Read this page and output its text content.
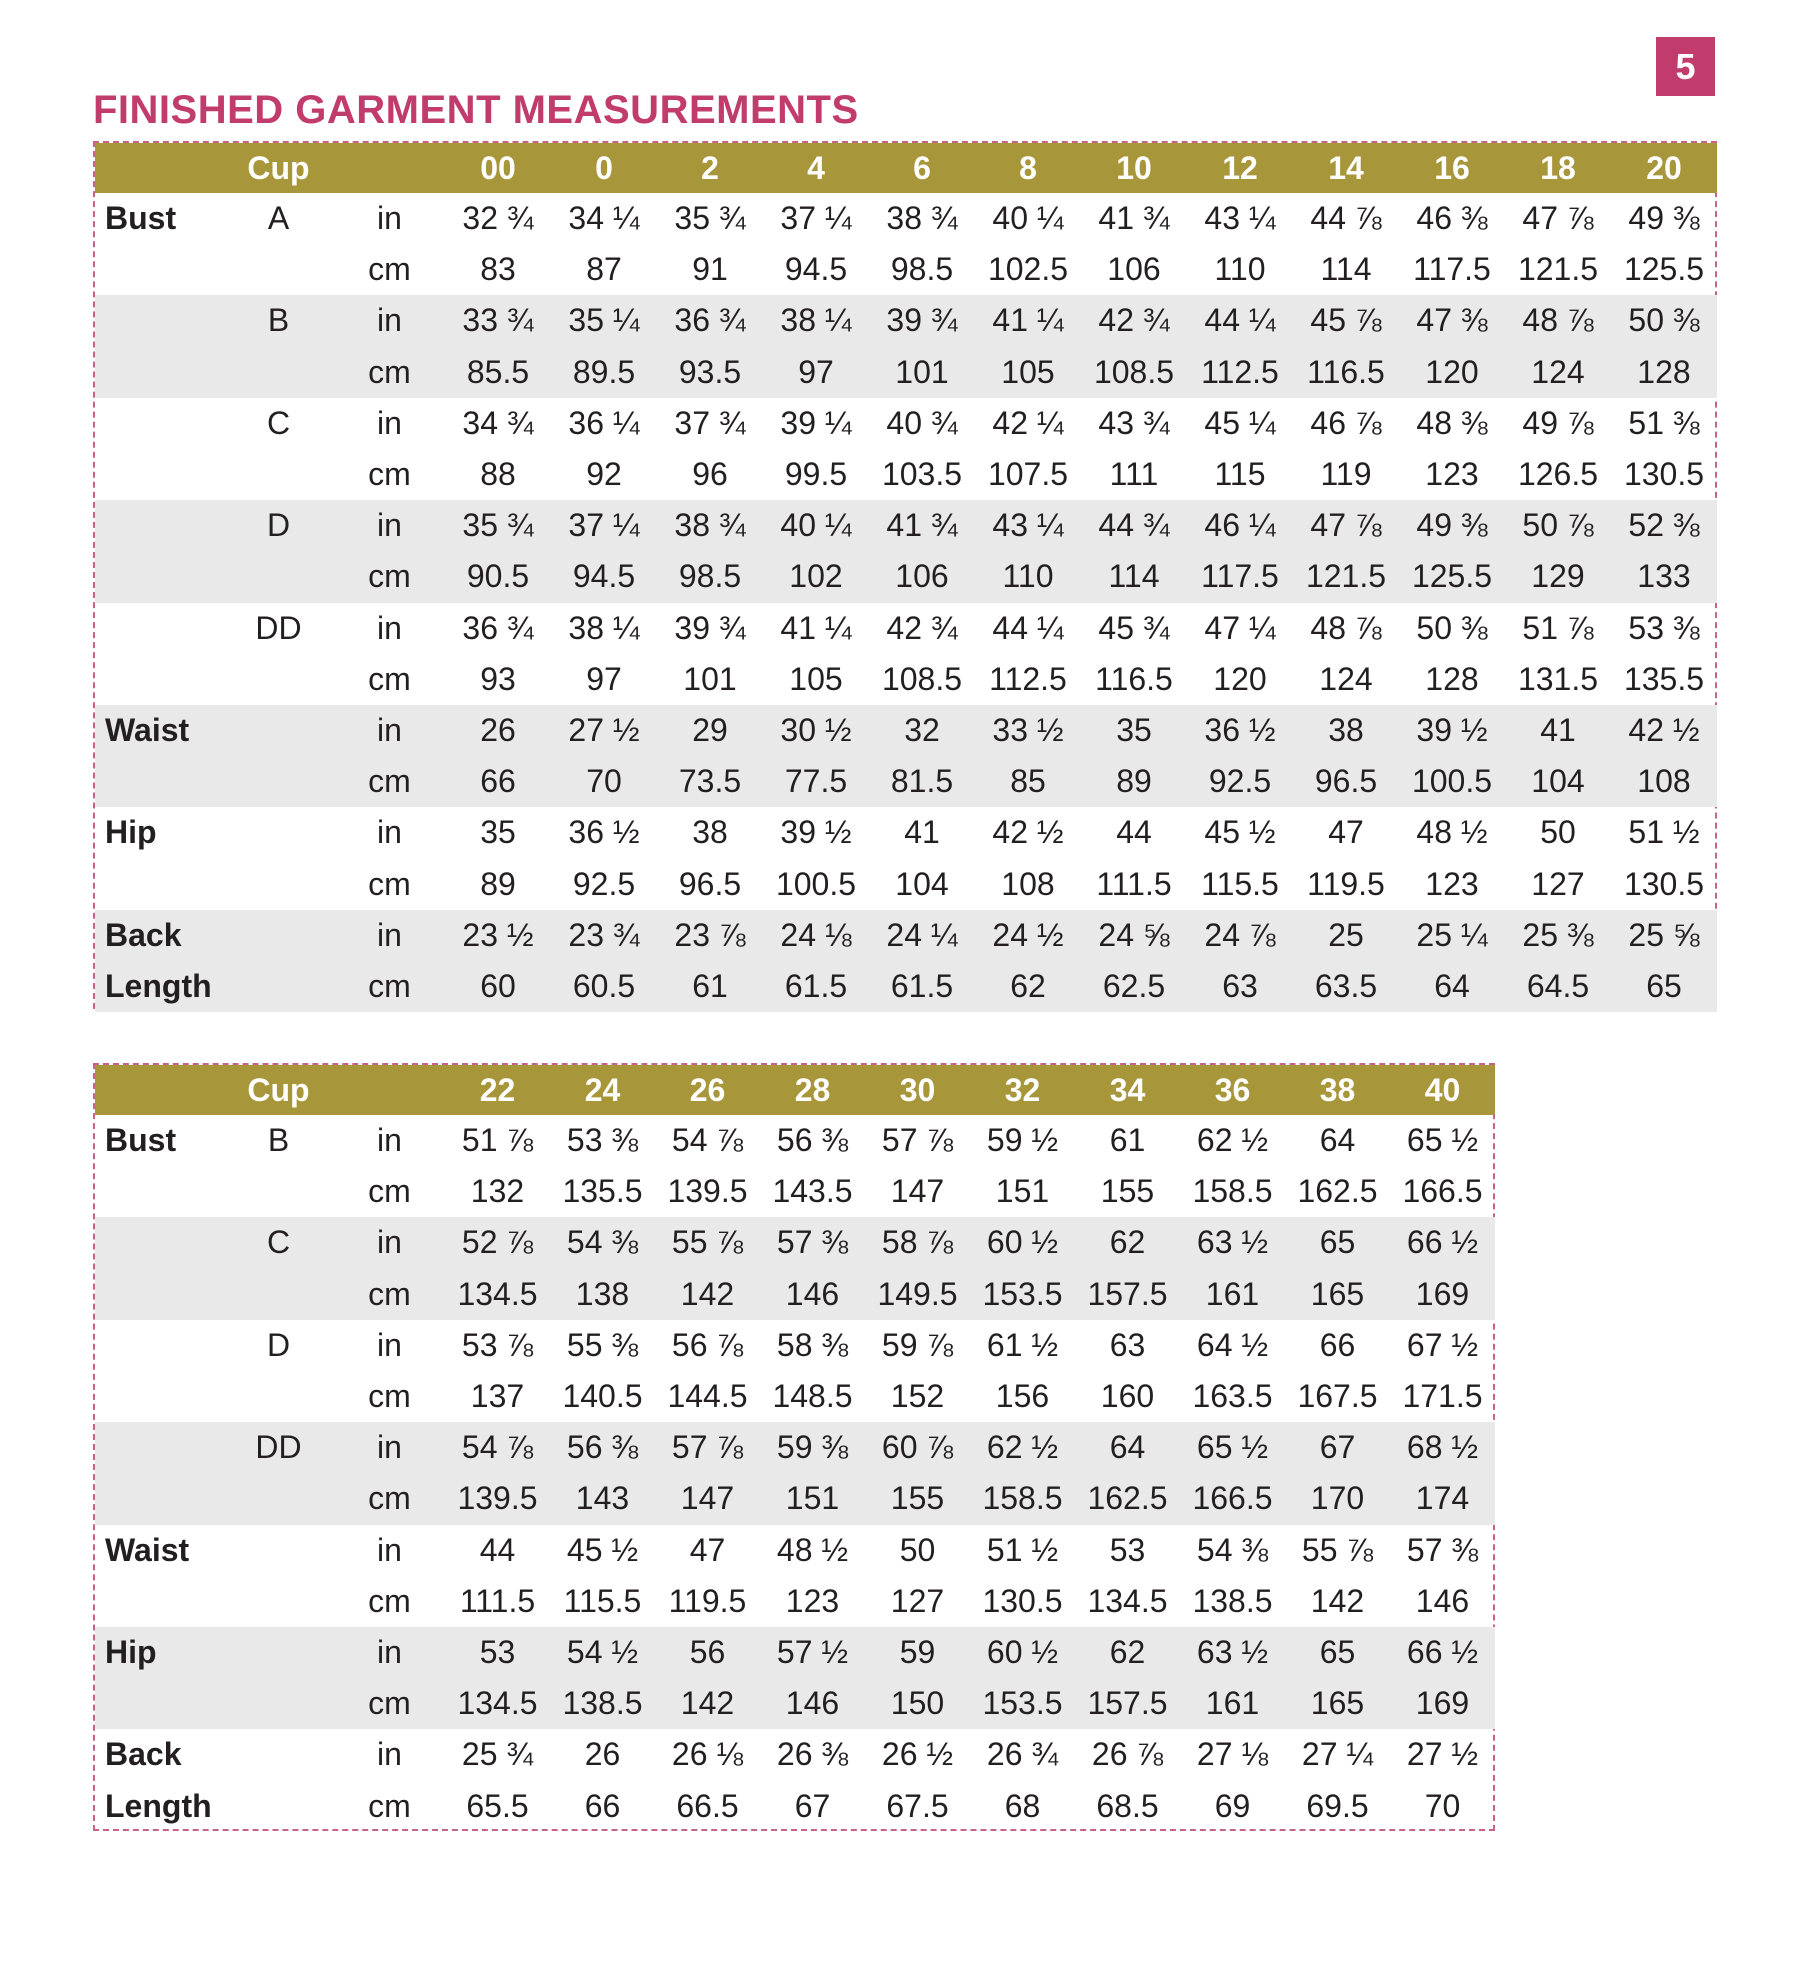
5
FINISHED GARMENT MEASUREMENTS
	Cup		00	0	2	4	6	8	10	12	14	16	18	20
Bust	A	in	32 ¾	34 ¼	35 ¾	37 ¼	38 ¾	40 ¼	41 ¾	43 ¼	44 ⅞	46 ⅜	47 ⅞	49 ⅜
		cm	83	87	91	94.5	98.5	102.5	106	110	114	117.5	121.5	125.5
	B	in	33 ¾	35 ¼	36 ¾	38 ¼	39 ¾	41 ¼	42 ¾	44 ¼	45 ⅞	47 ⅜	48 ⅞	50 ⅜
		cm	85.5	89.5	93.5	97	101	105	108.5	112.5	116.5	120	124	128
	C	in	34 ¾	36 ¼	37 ¾	39 ¼	40 ¾	42 ¼	43 ¾	45 ¼	46 ⅞	48 ⅜	49 ⅞	51 ⅜
		cm	88	92	96	99.5	103.5	107.5	111	115	119	123	126.5	130.5
	D	in	35 ¾	37 ¼	38 ¾	40 ¼	41 ¾	43 ¼	44 ¾	46 ¼	47 ⅞	49 ⅜	50 ⅞	52 ⅜
		cm	90.5	94.5	98.5	102	106	110	114	117.5	121.5	125.5	129	133
	DD	in	36 ¾	38 ¼	39 ¾	41 ¼	42 ¾	44 ¼	45 ¾	47 ¼	48 ⅞	50 ⅜	51 ⅞	53 ⅜
		cm	93	97	101	105	108.5	112.5	116.5	120	124	128	131.5	135.5
Waist		in	26	27 ½	29	30 ½	32	33 ½	35	36 ½	38	39 ½	41	42 ½
		cm	66	70	73.5	77.5	81.5	85	89	92.5	96.5	100.5	104	108
Hip		in	35	36 ½	38	39 ½	41	42 ½	44	45 ½	47	48 ½	50	51 ½
		cm	89	92.5	96.5	100.5	104	108	111.5	115.5	119.5	123	127	130.5
Back		in	23 ½	23 ¾	23 ⅞	24 ⅛	24 ¼	24 ½	24 ⅝	24 ⅞	25	25 ¼	25 ⅜	25 ⅝
Length		cm	60	60.5	61	61.5	61.5	62	62.5	63	63.5	64	64.5	65
	Cup		22	24	26	28	30	32	34	36	38	40
Bust	B	in	51 ⅞	53 ⅜	54 ⅞	56 ⅜	57 ⅞	59 ½	61	62 ½	64	65 ½
		cm	132	135.5	139.5	143.5	147	151	155	158.5	162.5	166.5
	C	in	52 ⅞	54 ⅜	55 ⅞	57 ⅜	58 ⅞	60 ½	62	63 ½	65	66 ½
		cm	134.5	138	142	146	149.5	153.5	157.5	161	165	169
	D	in	53 ⅞	55 ⅜	56 ⅞	58 ⅜	59 ⅞	61 ½	63	64 ½	66	67 ½
		cm	137	140.5	144.5	148.5	152	156	160	163.5	167.5	171.5
	DD	in	54 ⅞	56 ⅜	57 ⅞	59 ⅜	60 ⅞	62 ½	64	65 ½	67	68 ½
		cm	139.5	143	147	151	155	158.5	162.5	166.5	170	174
Waist		in	44	45 ½	47	48 ½	50	51 ½	53	54 ⅜	55 ⅞	57 ⅜
		cm	111.5	115.5	119.5	123	127	130.5	134.5	138.5	142	146
Hip		in	53	54 ½	56	57 ½	59	60 ½	62	63 ½	65	66 ½
		cm	134.5	138.5	142	146	150	153.5	157.5	161	165	169
Back		in	25 ¾	26	26 ⅛	26 ⅜	26 ½	26 ¾	26 ⅞	27 ⅛	27 ¼	27 ½
Length		cm	65.5	66	66.5	67	67.5	68	68.5	69	69.5	70
